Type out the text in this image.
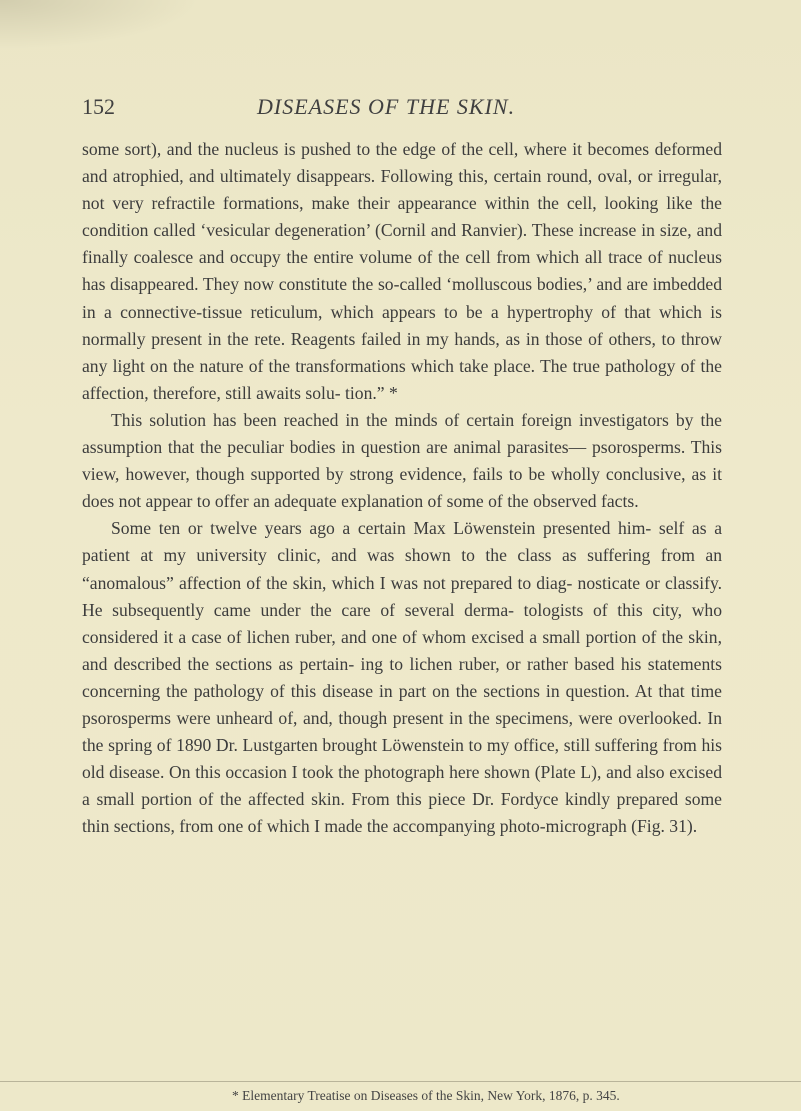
152	DISEASES OF THE SKIN.

some sort), and the nucleus is pushed to the edge of the cell, where it becomes deformed and atrophied, and ultimately disappears. Following this, certain round, oval, or irregular, not very refractile formations, make their appearance within the cell, looking like the condition called ‘vesicular degeneration’ (Cornil and Ranvier). These increase in size, and finally coalesce and occupy the entire volume of the cell from which all trace of nucleus has disappeared. They now constitute the so-called ‘molluscous bodies,’ and are imbedded in a connective-tissue reticulum, which appears to be a hypertrophy of that which is normally present in the rete. Reagents failed in my hands, as in those of others, to throw any light on the nature of the transformations which take place. The true pathology of the affection, therefore, still awaits solu- tion.” *

This solution has been reached in the minds of certain foreign investigators by the assumption that the peculiar bodies in question are animal parasites— psorosperms. This view, however, though supported by strong evidence, fails to be wholly conclusive, as it does not appear to offer an adequate explanation of some of the observed facts.

Some ten or twelve years ago a certain Max Löwenstein presented him- self as a patient at my university clinic, and was shown to the class as suffering from an “anomalous” affection of the skin, which I was not prepared to diag- nosticate or classify. He subsequently came under the care of several derma- tologists of this city, who considered it a case of lichen ruber, and one of whom excised a small portion of the skin, and described the sections as pertain- ing to lichen ruber, or rather based his statements concerning the pathology of this disease in part on the sections in question. At that time psorosperms were unheard of, and, though present in the specimens, were overlooked. In the spring of 1890 Dr. Lustgarten brought Löwenstein to my office, still suffering from his old disease. On this occasion I took the photograph here shown (Plate L), and also excised a small portion of the affected skin. From this piece Dr. Fordyce kindly prepared some thin sections, from one of which I made the accompanying photo-micrograph (Fig. 31).

* Elementary Treatise on Diseases of the Skin, New York, 1876, p. 345.
